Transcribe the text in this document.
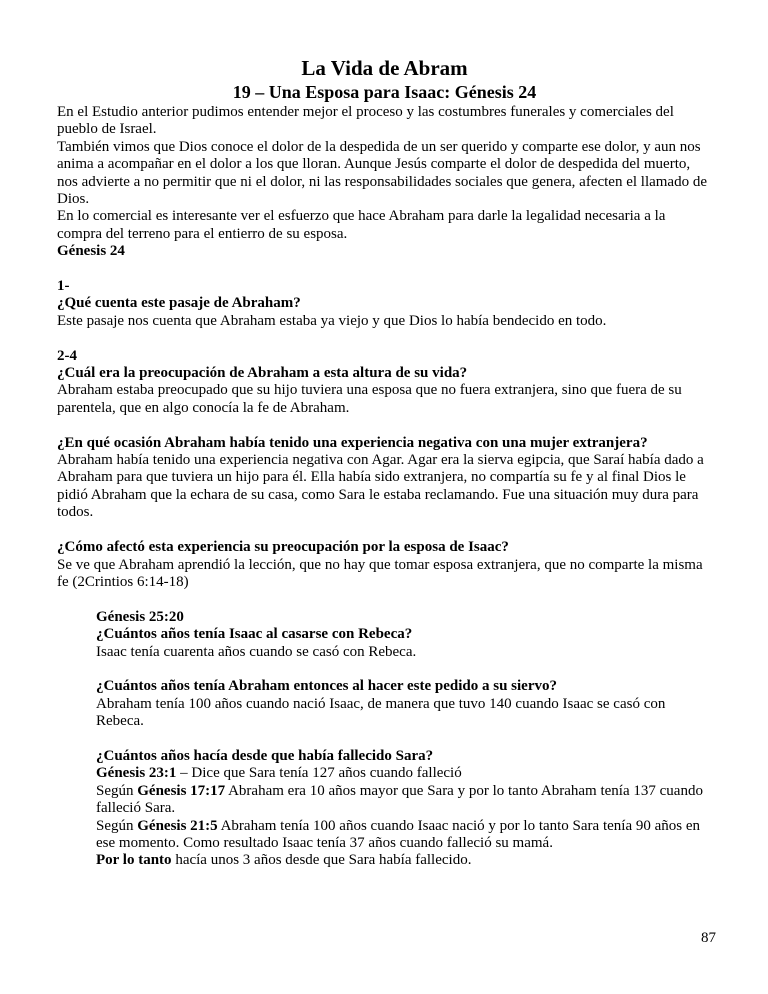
La Vida de Abram
19 – Una Esposa para Isaac: Génesis 24

En el Estudio anterior pudimos entender mejor el proceso y las costumbres funerales y comerciales del pueblo de Israel.

También vimos que Dios conoce el dolor de la despedida de un ser querido y comparte ese dolor, y aun nos anima a acompañar en el dolor a los que lloran. Aunque Jesús comparte el dolor de despedida del muerto, nos advierte a no permitir que ni el dolor, ni las responsabilidades sociales que genera, afecten el llamado de Dios.

En lo comercial es interesante ver el esfuerzo que hace Abraham para darle la legalidad necesaria a la compra del terreno para el entierro de su esposa.

Génesis 24

1-

¿Qué cuenta este pasaje de Abraham?

Este pasaje nos cuenta que Abraham estaba ya viejo y que Dios lo había bendecido en todo.

2-4

¿Cuál era la preocupación de Abraham a esta altura de su vida?

Abraham estaba preocupado que su hijo tuviera una esposa que no fuera extranjera, sino que fuera de su parentela, que en algo conocía la fe de Abraham.

¿En qué ocasión Abraham había tenido una experiencia negativa con una mujer extranjera?

Abraham había tenido una experiencia negativa con Agar. Agar era la sierva egipcia, que Saraí había dado a Abraham para que tuviera un hijo para él. Ella había sido extranjera, no compartía su fe y al final Dios le pidió Abraham que la echara de su casa, como Sara le estaba reclamando. Fue una situación muy dura para todos.

¿Cómo afectó esta experiencia su preocupación por la esposa de Isaac?

Se ve que Abraham aprendió la lección, que no hay que tomar esposa extranjera, que no comparte la misma fe (2Crintios 6:14-18)

Génesis 25:20

¿Cuántos años tenía Isaac al casarse con Rebeca?

Isaac tenía cuarenta años cuando se casó con Rebeca.

¿Cuántos años tenía Abraham entonces al hacer este pedido a su siervo?

Abraham tenía 100 años cuando nació Isaac, de manera que tuvo 140 cuando Isaac se casó con Rebeca.

¿Cuántos años hacía desde que había fallecido Sara?

Génesis 23:1 – Dice que Sara tenía 127 años cuando falleció

Según Génesis 17:17 Abraham era 10 años mayor que Sara y por lo tanto Abraham tenía 137 cuando falleció Sara.

Según Génesis 21:5 Abraham tenía 100 años cuando Isaac nació y por lo tanto Sara tenía 90 años en ese momento. Como resultado Isaac tenía 37 años cuando falleció su mamá.

Por lo tanto hacía unos 3 años desde que Sara había fallecido.

87
